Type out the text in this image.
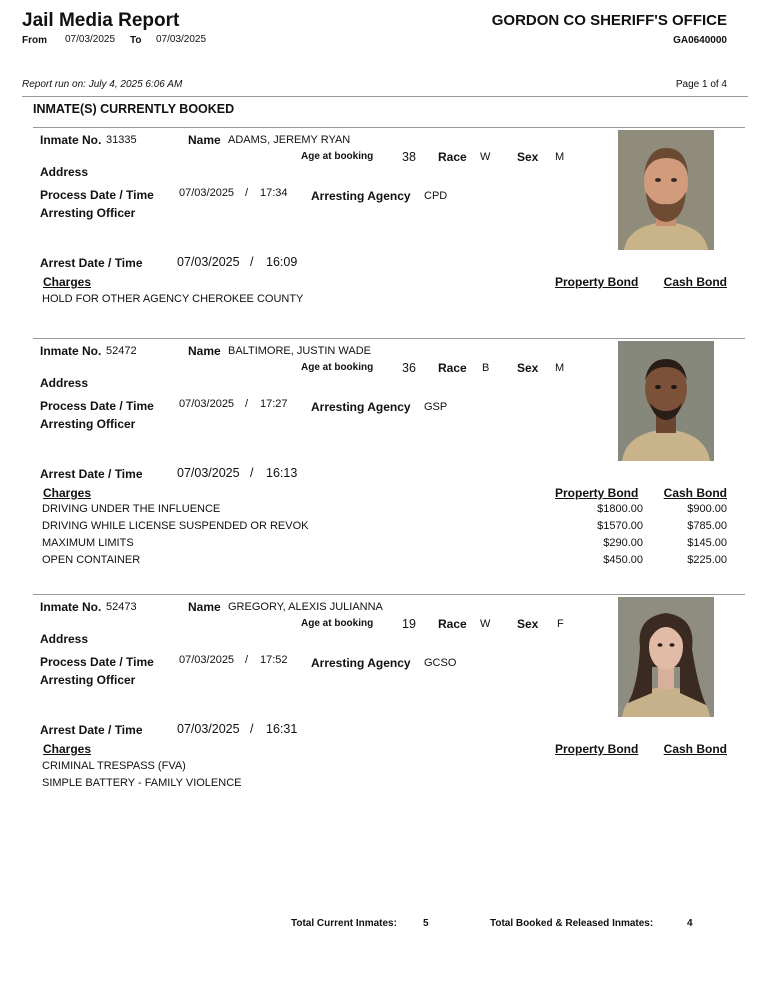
Jail Media Report
From 07/03/2025 To 07/03/2025
GORDON CO SHERIFF'S OFFICE
GA0640000
Report run on: July 4, 2025 6:06 AM	Page 1 of 4
INMATE(S) CURRENTLY BOOKED
Inmate No. 31335	Name ADAMS, JEREMY RYAN
Age at booking 38 Race W Sex M
Address
Process Date / Time 07/03/2025 / 17:34 Arresting Agency CPD
Arresting Officer
Arrest Date / Time	07/03/2025 / 16:09
Charges	Property Bond Cash Bond
HOLD FOR OTHER AGENCY CHEROKEE COUNTY
Inmate No. 52472	Name BALTIMORE, JUSTIN WADE
Age at booking 36 Race B Sex M
Address
Process Date / Time 07/03/2025 / 17:27 Arresting Agency GSP
Arresting Officer
Arrest Date / Time	07/03/2025 / 16:13
Charges	Property Bond Cash Bond
DRIVING UNDER THE INFLUENCE	$1800.00	$900.00
DRIVING WHILE LICENSE SUSPENDED OR REVOK	$1570.00	$785.00
MAXIMUM LIMITS	$290.00	$145.00
OPEN CONTAINER	$450.00	$225.00
Inmate No. 52473	Name GREGORY, ALEXIS JULIANNA
Age at booking 19 Race W Sex F
Address
Process Date / Time 07/03/2025 / 17:52 Arresting Agency GCSO
Arresting Officer
Arrest Date / Time	07/03/2025 / 16:31
Charges	Property Bond Cash Bond
CRIMINAL TRESPASS (FVA)
SIMPLE BATTERY - FAMILY VIOLENCE
Total Current Inmates:	5	Total Booked & Released Inmates:	4
